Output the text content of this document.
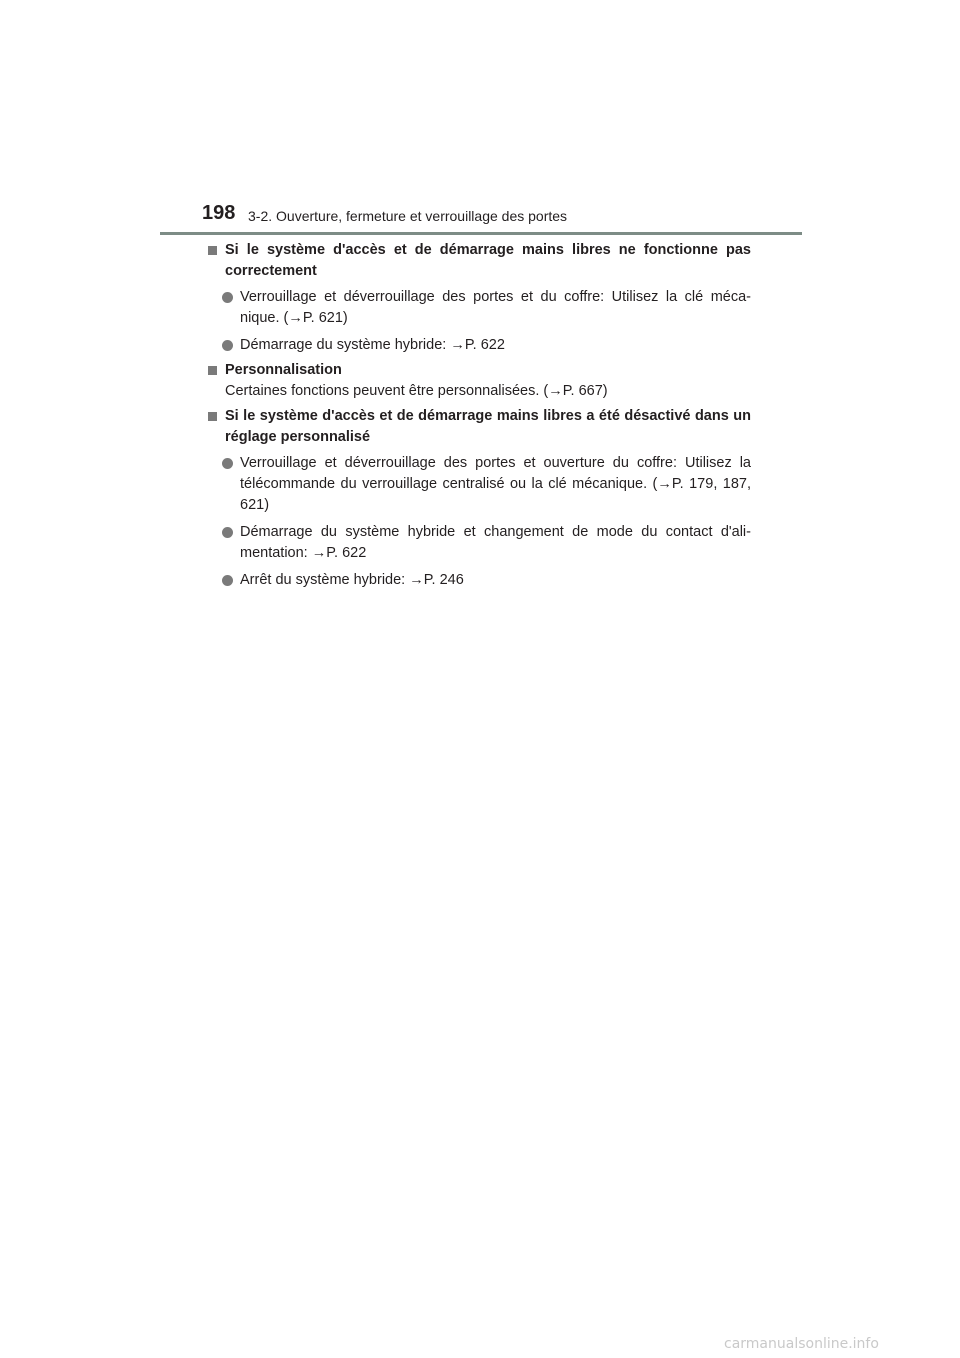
198 3-2. Ouverture, fermeture et verrouillage des portes
Si le système d'accès et de démarrage mains libres ne fonctionne pas correctement
Verrouillage et déverrouillage des portes et du coffre: Utilisez la clé méca- nique. (→P. 621)
Démarrage du système hybride: →P. 622
Personnalisation
Certaines fonctions peuvent être personnalisées. (→P. 667)
Si le système d'accès et de démarrage mains libres a été désactivé dans un réglage personnalisé
Verrouillage et déverrouillage des portes et ouverture du coffre: Utilisez la télécommande du verrouillage centralisé ou la clé mécanique. (→P. 179, 187, 621)
Démarrage du système hybride et changement de mode du contact d'ali- mentation: →P. 622
Arrêt du système hybride: →P. 246
carmanualsonline.info
